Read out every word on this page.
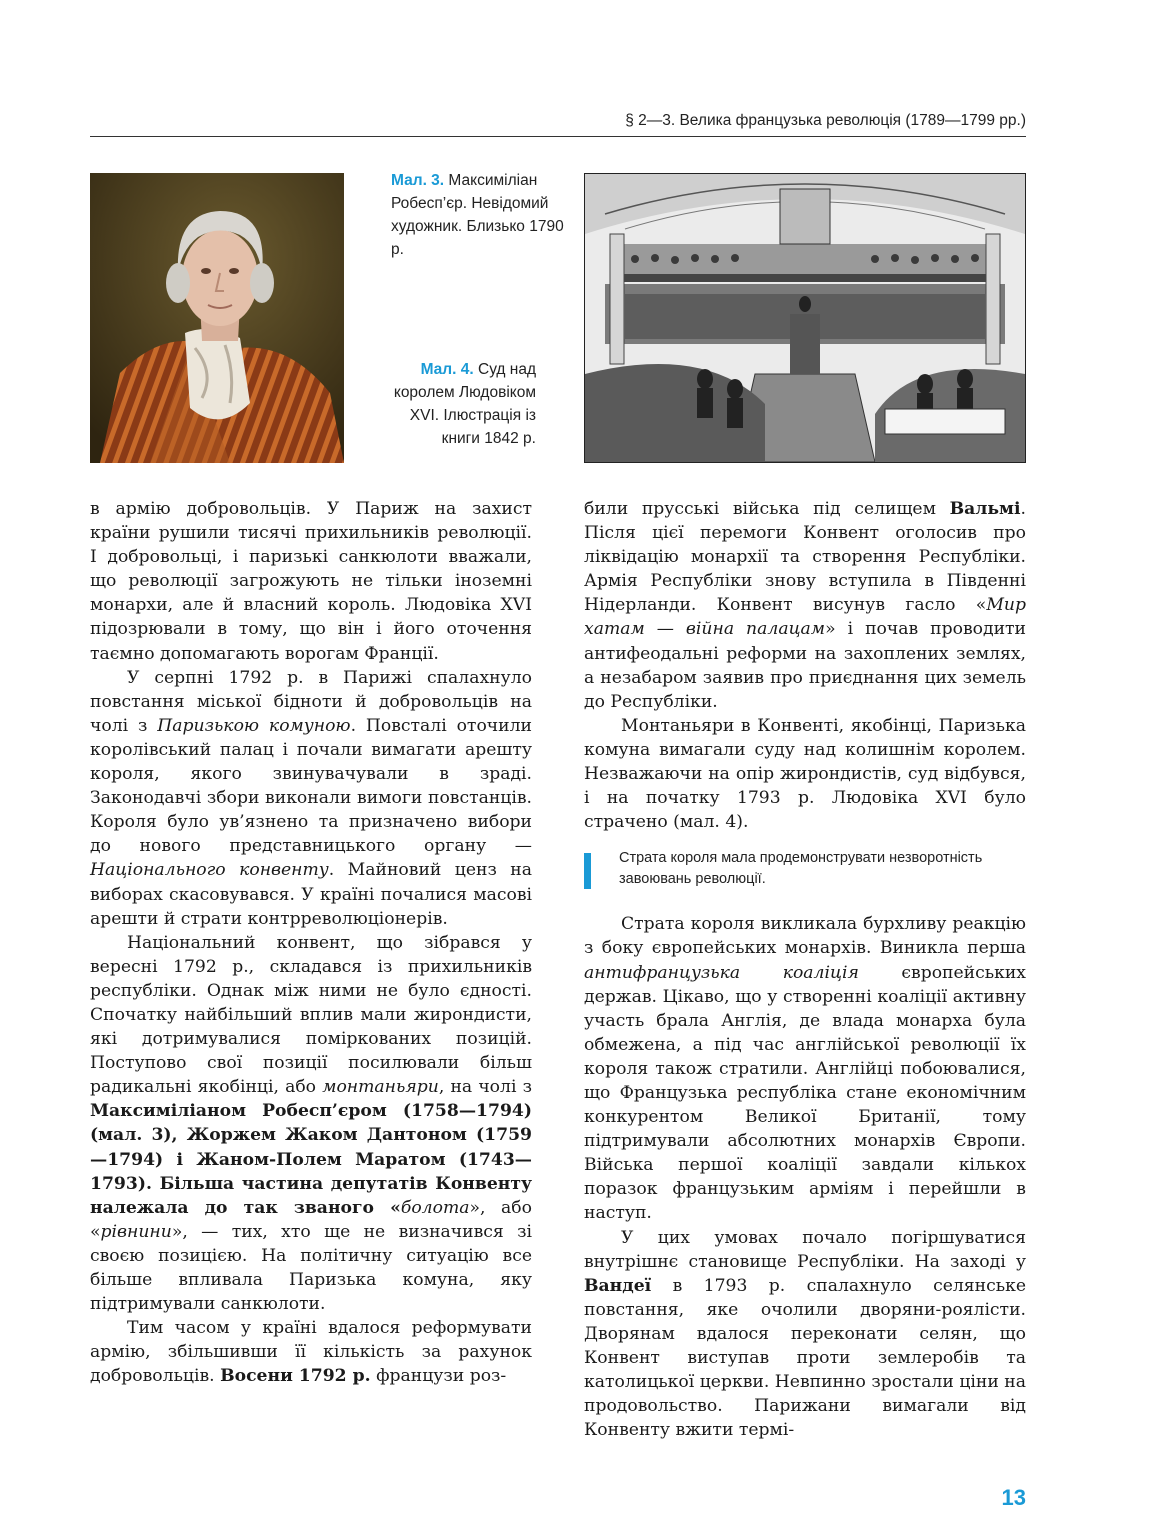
§ 2—3. Велика французька революція (1789—1799 рр.)
Мал. 3. Максиміліан Робесп’єр. Невідомий художник. Близько 1790 р.
Мал. 4. Суд над королем Людовіком XVI. Ілюстрація із книги 1842 р.

в армію добровольців. У Париж на захист країни рушили тисячі прихильників революції. І добровольці, і паризькі санкюлоти вважали, що революції загрожують не тільки іноземні монархи, але й власний король. Людовіка XVI підозрювали в тому, що він і його оточення таємно допомагають ворогам Франції.

У серпні 1792 р. в Парижі спалахнуло повстання міської бідноти й добровольців на чолі з Паризькою комуною. Повсталі оточили королівський палац і почали вимагати арешту короля, якого звинувачували в зраді. Законодавчі збори виконали вимоги повстанців. Короля було ув’язнено та призначено вибори до нового представницького органу — Національного конвенту. Майновий ценз на виборах скасовувався. У країні почалися масові арешти й страти контрреволюціонерів.

Національний конвент, що зібрався у вересні 1792 р., складався із прихильників республіки. Однак між ними не було єдності. Спочатку найбільший вплив мали жирондисти, які дотримувалися поміркованих позицій. Поступово свої позиції посилювали більш радикальні якобінці, або монтаньяри, на чолі з Максиміліаном Робесп’єром (1758—1794) (мал. 3), Жоржем Жаком Дантоном (1759—1794) і Жаном-Полем Маратом (1743—1793). Більша частина депутатів Конвенту належала до так званого «болота», або «рівнини», — тих, хто ще не визначився зі своєю позицією. На політичну ситуацію все більше впливала Паризька комуна, яку підтримували санкюлоти.

Тим часом у країні вдалося реформувати армію, збільшивши її кількість за рахунок добровольців. Восени 1792 р. французи роз-

били прусські війська під селищем Вальмі. Після цієї перемоги Конвент оголосив про ліквідацію монархії та створення Республіки. Армія Республіки знову вступила в Південні Нідерланди. Конвент висунув гасло «Мир хатам — війна палацам» і почав проводити антифеодальні реформи на захоплених землях, а незабаром заявив про приєднання цих земель до Республіки.

Монтаньяри в Конвенті, якобінці, Паризька комуна вимагали суду над колишнім королем. Незважаючи на опір жирондистів, суд відбувся, і на початку 1793 р. Людовіка XVI було страчено (мал. 4).

Страта короля мала продемонструвати незворотність завоювань революції.

Страта короля викликала бурхливу реакцію з боку європейських монархів. Виникла перша антифранцузька коаліція європейських держав. Цікаво, що у створенні коаліції активну участь брала Англія, де влада монарха була обмежена, а під час англійської революції їх короля також стратили. Англійці побоювалися, що Французька республіка стане економічним конкурентом Великої Британії, тому підтримували абсолютних монархів Європи. Війська першої коаліції завдали кількох поразок французьким арміям і перейшли в наступ.

У цих умовах почало погіршуватися внутрішнє становище Республіки. На заході у Вандеї в 1793 р. спалахнуло селянське повстання, яке очолили дворяни-роялісти. Дворянам вдалося переконати селян, що Конвент виступав проти землеробів та католицької церкви. Невпинно зростали ціни на продовольство. Парижани вимагали від Конвенту вжити термі-

13
